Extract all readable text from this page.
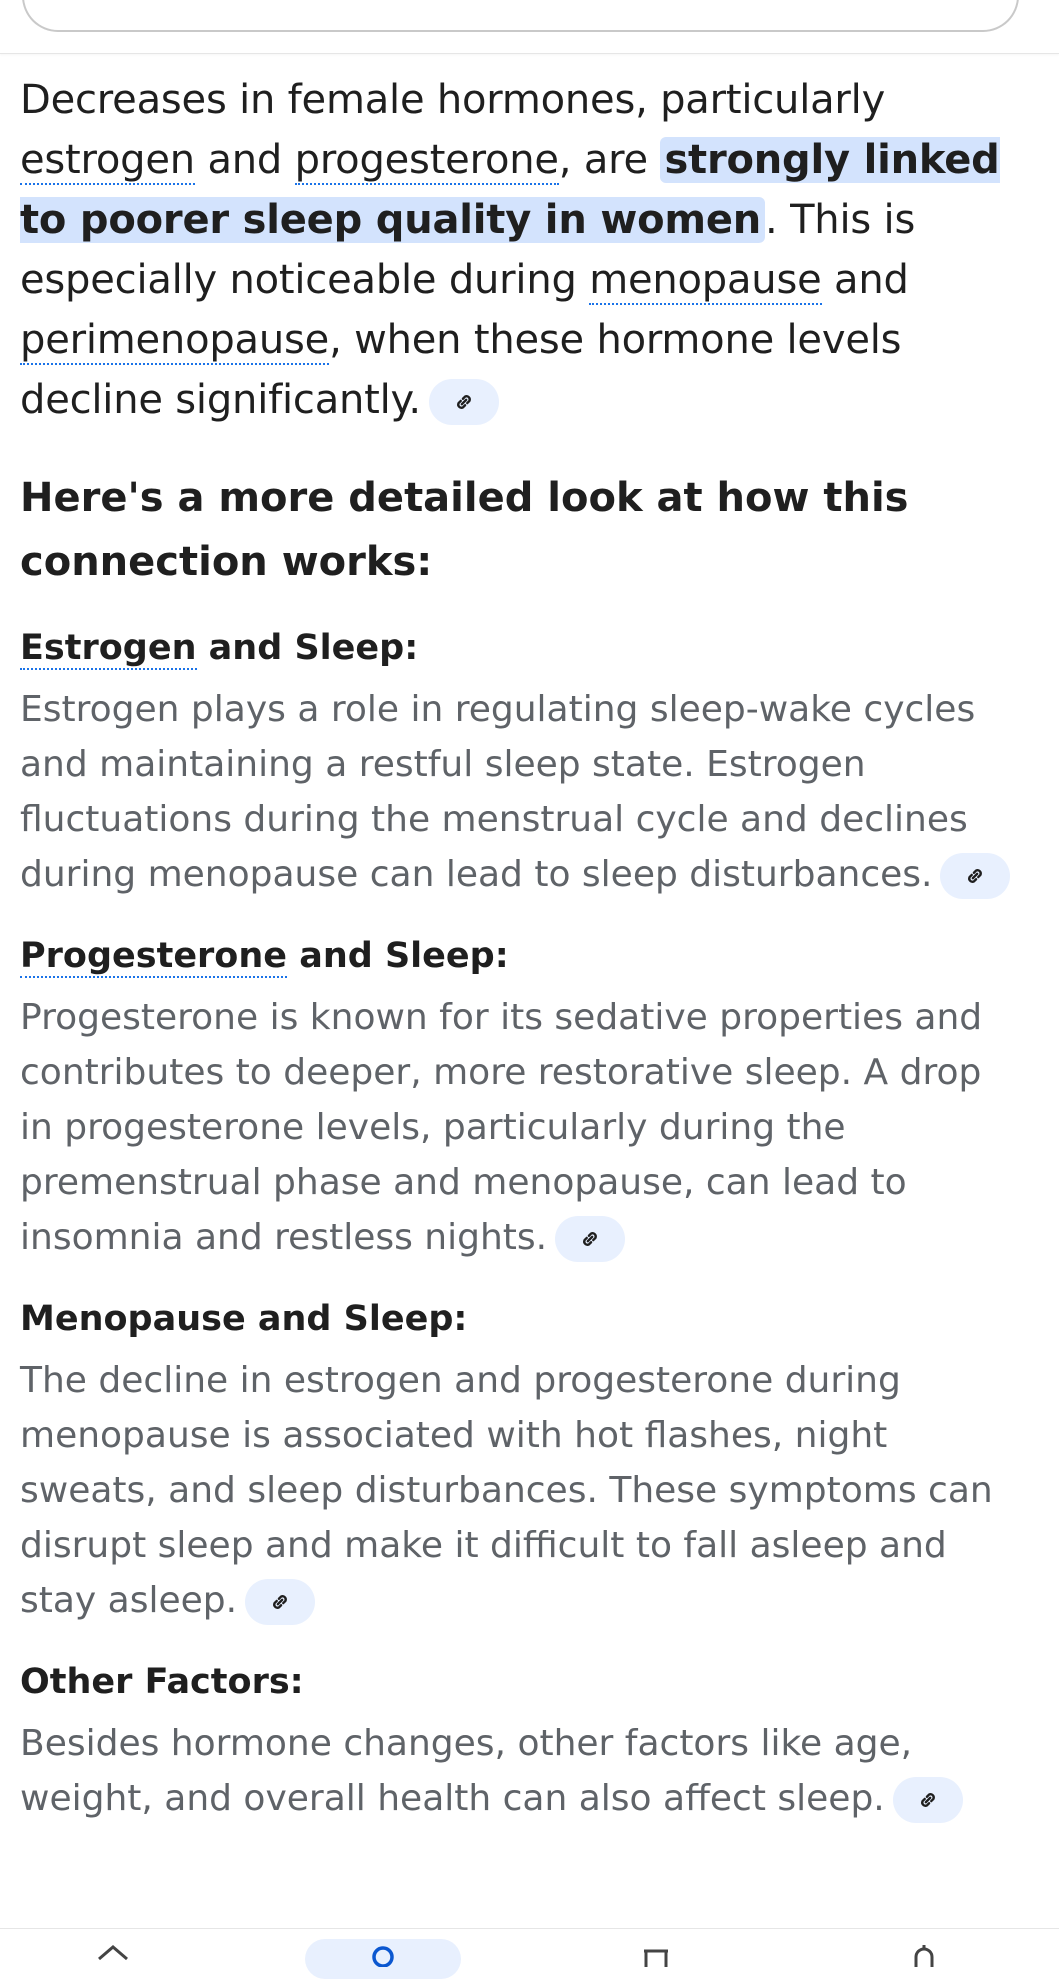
Decreases in female hormones, particularly estrogen and progesterone, are strongly linked to poorer sleep quality in women . This is especially noticeable during menopause and perimenopause, when these hormone levels decline significantly.

Here's a more detailed look at how this connection works:
Estrogen and Sleep:
Estrogen plays a role in regulating sleep-wake cycles and maintaining a restful sleep state. Estrogen fluctuations during the menstrual cycle and declines during menopause can lead to sleep disturbances.
Progesterone and Sleep:
Progesterone is known for its sedative properties and contributes to deeper, more restorative sleep. A drop in progesterone levels, particularly during the premenstrual phase and menopause, can lead to insomnia and restless nights.
Menopause and Sleep:
The decline in estrogen and progesterone during menopause is associated with hot flashes, night sweats, and sleep disturbances. These symptoms can disrupt sleep and make it difficult to fall asleep and stay asleep.
Other Factors:
Besides hormone changes, other factors like age, weight, and overall health can also affect sleep.
